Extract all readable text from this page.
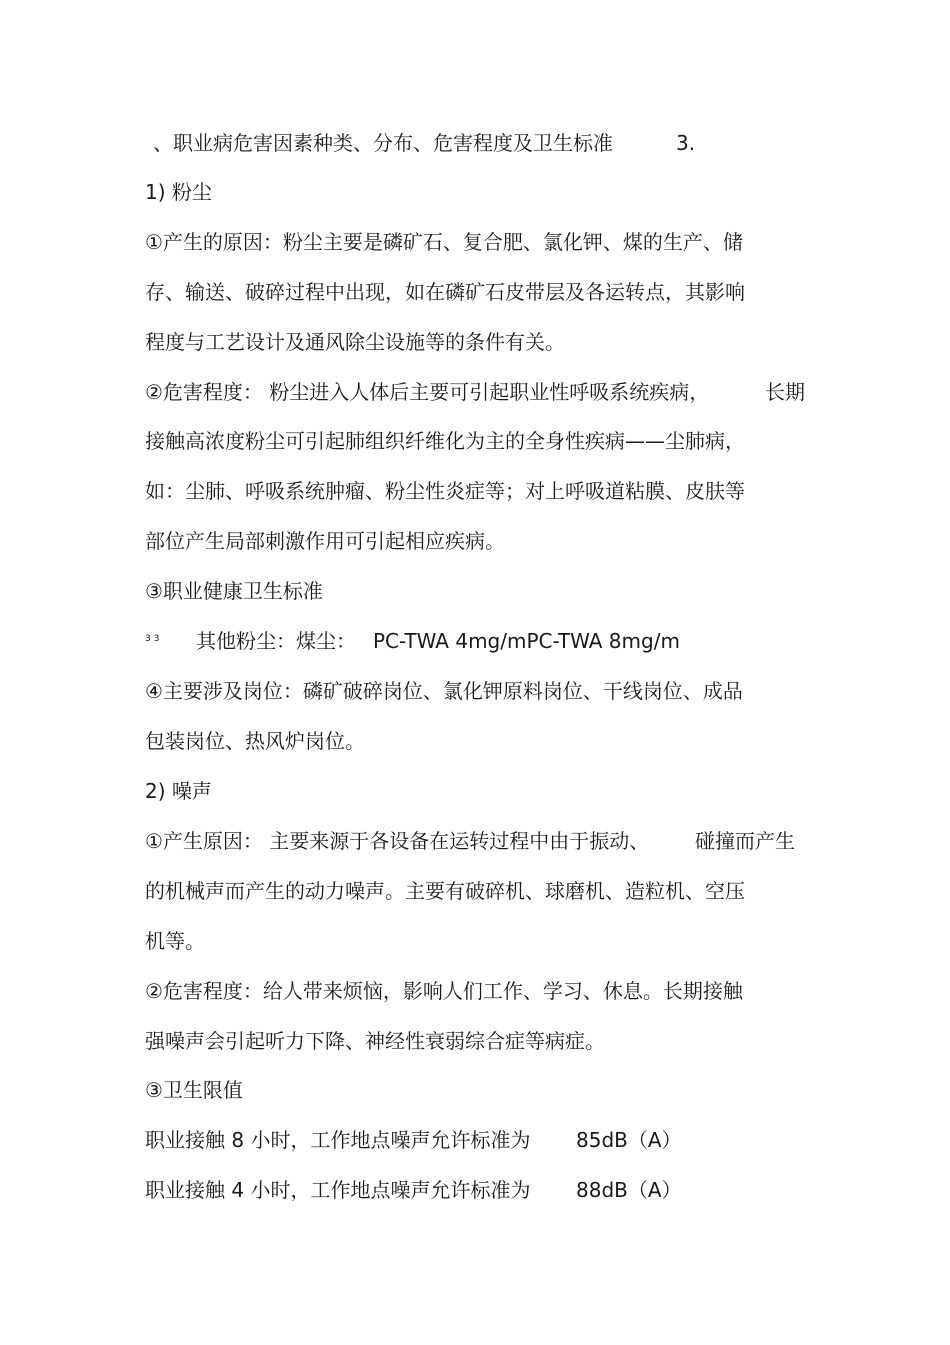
、职业病危害因素种类、分布、危害程度及卫生标准	3.
1) 粉尘
①产生的原因：粉尘主要是磷矿石、复合肥、氯化钾、煤的生产、储
存、输送、破碎过程中出现，如在磷矿石皮带层及各运转点，其影响
程度与工艺设计及通风除尘设施等的条件有关。
②危害程度： 粉尘进入人体后主要可引起职业性呼吸系统疾病，	长期
接触高浓度粉尘可引起肺组织纤维化为主的全身性疾病——尘肺病，
如：尘肺、呼吸系统肿瘤、粉尘性炎症等；对上呼吸道粘膜、皮肤等
部位产生局部刺激作用可引起相应疾病。
③职业健康卫生标准
3 3 其他粉尘：煤尘： PC-TWA 4mg/mPC-TWA 8mg/m
④主要涉及岗位：磷矿破碎岗位、氯化钾原料岗位、干线岗位、成品
包装岗位、热风炉岗位。
2) 噪声
①产生原因： 主要来源于各设备在运转过程中由于振动、 碰撞而产生
的机械声而产生的动力噪声。主要有破碎机、球磨机、造粒机、空压
机等。
②危害程度：给人带来烦恼，影响人们工作、学习、休息。长期接触
强噪声会引起听力下降、神经性衰弱综合症等病症。
③卫生限值
职业接触 8 小时，工作地点噪声允许标准为 85dB（A）
职业接触 4 小时，工作地点噪声允许标准为 88dB（A）
